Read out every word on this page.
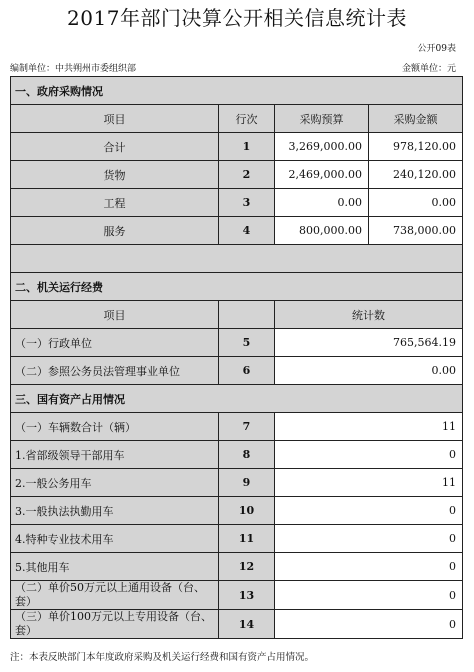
2017年部门决算公开相关信息统计表
公开09表
编制单位：中共朔州市委组织部	金额单位：元
一、政府采购情况			
项目	行次	采购预算	采购金额
合计	1	3,269,000.00	978,120.00
货物	2	2,469,000.00	240,120.00
工程	3	0.00	0.00
服务	4	800,000.00	738,000.00

二、机关运行经费			
项目		统计数	
（一）行政单位	5	765,564.19	
（二）参照公务员法管理事业单位	6	0.00	
三、国有资产占用情况			
（一）车辆数合计（辆）	7	11	
1.省部级领导干部用车	8	0	
2.一般公务用车	9	11	
3.一般执法执勤用车	10	0	
4.特种专业技术用车	11	0	
5.其他用车	12	0	
（二）单价50万元以上通用设备（台、套）	13	0	
（三）单价100万元以上专用设备（台、套）	14	0	
注：本表反映部门本年度政府采购及机关运行经费和国有资产占用情况。
